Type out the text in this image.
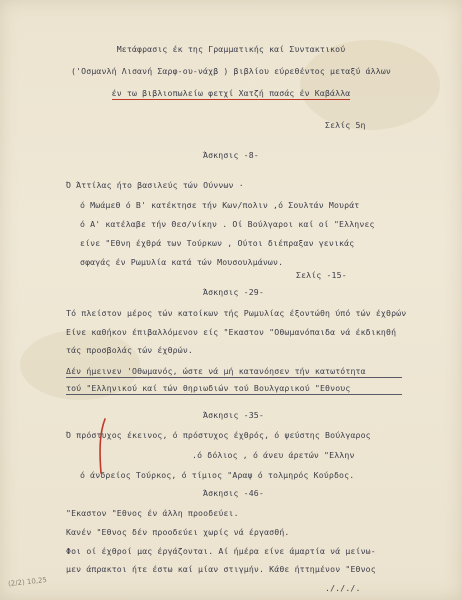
Μετάφρασις έκ της Γραμματικής καί Συντακτικού
('Οσμανλή Λισανή Σαρφ-ου-νάχβ ) βιβλίου εύρεθέντος μεταξύ άλλων
έν τω βιβλιοπωλείω φετχί Χατζή πασάς έν Καβάλλα
Σελίς 5η
Άσκησις -8-
Ό Άττίλας ήτο βασιλεύς τών Ούννων ·
ό Μωάμεθ ό Β' κατέκτησε τήν Κων/πολιν ,ό Σουλτάν Μουράτ
ό Α' κατέλαβε τήν Θεσ/νίκην . Οί Βούλγαροι καί οί "Ελληνες
είνε "Εθνη έχθρά των Τούρκων , Ούτοι διέπραξαν γενικάς
σφαγάς έν Ρωμυλία κατά τών Μουσουλμάνων.
Σελίς -15-
Άσκησις -29-
Τό πλείστον μέρος τών κατοίκων τής Ρωμυλίας έξοντώθη ύπό τών έχθρών
Είνε καθήκον έπιβαλλόμενον είς "Εκαστον "Οθωμανόπαιδα νά έκδικηθή
τάς προσβολάς τών έχθρών.
Δέν ήμεινεν 'Οθωμανός, ώστε νά μή κατανόησεν τήν κατωτότητα
τού "Ελληνικού καί τών θηριωδιών τού Βουλγαρικού "Εθνους
Άσκησις -35-
Ό πρόστυχος έκεινος, ό πρόστυχος έχθρός, ό ψεύστης Βούλγαρος
.ό δόλιος , ό άνευ άρετών "Ελλην
ό άνδρείος Τούρκος, ό τίμιος "Αραψ ό τολμηρός Κούρδος.
Άσκησις -46-
"Εκαστον "Εθνος έν άλλη προοδεύει.
Κανέν "Εθνος δέν προοδεύει χωρίς νά έργασθή.
Φοι οί έχθροί μας έργάζονται. Αί ήμέρα είνε άμαρτία νά μείνω-
μεν άπρακτοι ήτε έστω καί μίαν στιγμήν. Κάθε ήττημένον "Εθνος
./././.
(2/2) 10,25
